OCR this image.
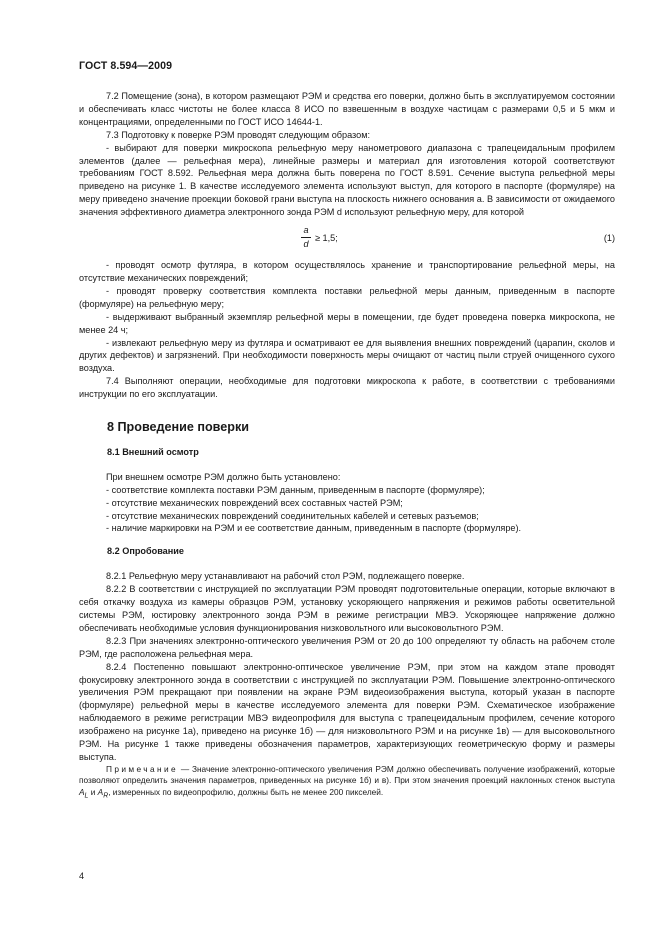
ГОСТ 8.594—2009

7.2 Помещение (зона), в котором размещают РЭМ и средства его поверки, должно быть в эксплуатируемом состоянии и обеспечивать класс чистоты не более класса 8 ИСО по взвешенным в воздухе частицам с размерами 0,5 и 5 мкм и концентрациями, определенными по ГОСТ ИСО 14644-1.

7.3 Подготовку к поверке РЭМ проводят следующим образом:

- выбирают для поверки микроскопа рельефную меру нанометрового диапазона с трапецеидальным профилем элементов (далее — рельефная мера), линейные размеры и материал для изготовления которой соответствуют требованиям ГОСТ 8.592. Рельефная мера должна быть поверена по ГОСТ 8.591. Сечение выступа рельефной меры приведено на рисунке 1. В качестве исследуемого элемента используют выступ, для которого в паспорте (формуляре) на меру приведено значение проекции боковой грани выступа на плоскость нижнего основания a. В зависимости от ожидаемого значения эффективного диаметра электронного зонда РЭМ d используют рельефную меру, для которой

a
d
≥ 1,5;	(1)

- проводят осмотр футляра, в котором осуществлялось хранение и транспортирование рельефной меры, на отсутствие механических повреждений;

- проводят проверку соответствия комплекта поставки рельефной меры данным, приведенным в паспорте (формуляре) на рельефную меру;

- выдерживают выбранный экземпляр рельефной меры в помещении, где будет проведена поверка микроскопа, не менее 24 ч;

- извлекают рельефную меру из футляра и осматривают ее для выявления внешних повреждений (царапин, сколов и других дефектов) и загрязнений. При необходимости поверхность меры очищают от частиц пыли струей очищенного сухого воздуха.

7.4 Выполняют операции, необходимые для подготовки микроскопа к работе, в соответствии с требованиями инструкции по его эксплуатации.

8 Проведение поверки
8.1 Внешний осмотр

При внешнем осмотре РЭМ должно быть установлено:

- соответствие комплекта поставки РЭМ данным, приведенным в паспорте (формуляре);

- отсутствие механических повреждений всех составных частей РЭМ;

- отсутствие механических повреждений соединительных кабелей и сетевых разъемов;

- наличие маркировки на РЭМ и ее соответствие данным, приведенным в паспорте (формуляре).

8.2 Опробование

8.2.1 Рельефную меру устанавливают на рабочий стол РЭМ, подлежащего поверке.

8.2.2 В соответствии с инструкцией по эксплуатации РЭМ проводят подготовительные операции, которые включают в себя откачку воздуха из камеры образцов РЭМ, установку ускоряющего напряжения и режимов работы осветительной системы РЭМ, юстировку электронного зонда РЭМ в режиме регистрации МВЭ. Ускоряющее напряжение должно обеспечивать необходимые условия функционирования низковольтного или высоковольтного РЭМ.

8.2.3 При значениях электронно-оптического увеличения РЭМ от 20 до 100 определяют ту область на рабочем столе РЭМ, где расположена рельефная мера.

8.2.4 Постепенно повышают электронно-оптическое увеличение РЭМ, при этом на каждом этапе проводят фокусировку электронного зонда в соответствии с инструкцией по эксплуатации РЭМ. Повышение электронно-оптического увеличения РЭМ прекращают при появлении на экране РЭМ видеоизображения выступа, который указан в паспорте (формуляре) рельефной меры в качестве исследуемого элемента для поверки РЭМ. Схематическое изображение наблюдаемого в режиме регистрации МВЭ видеопрофиля для выступа с трапецеидальным профилем, сечение которого изображено на рисунке 1а), приведено на рисунке 1б) — для низковольтного РЭМ и на рисунке 1в) — для высоковольтного РЭМ. На рисунке 1 также приведены обозначения параметров, характеризующих геометрическую форму и размеры выступа.

Примечание — Значение электронно-оптического увеличения РЭМ должно обеспечивать получение изображений, которые позволяют определить значения параметров, приведенных на рисунке 1б) и в). При этом значения проекций наклонных стенок выступа $A_L$ и $A_R$, измеренных по видеопрофилю, должны быть не менее 200 пикселей.

4
